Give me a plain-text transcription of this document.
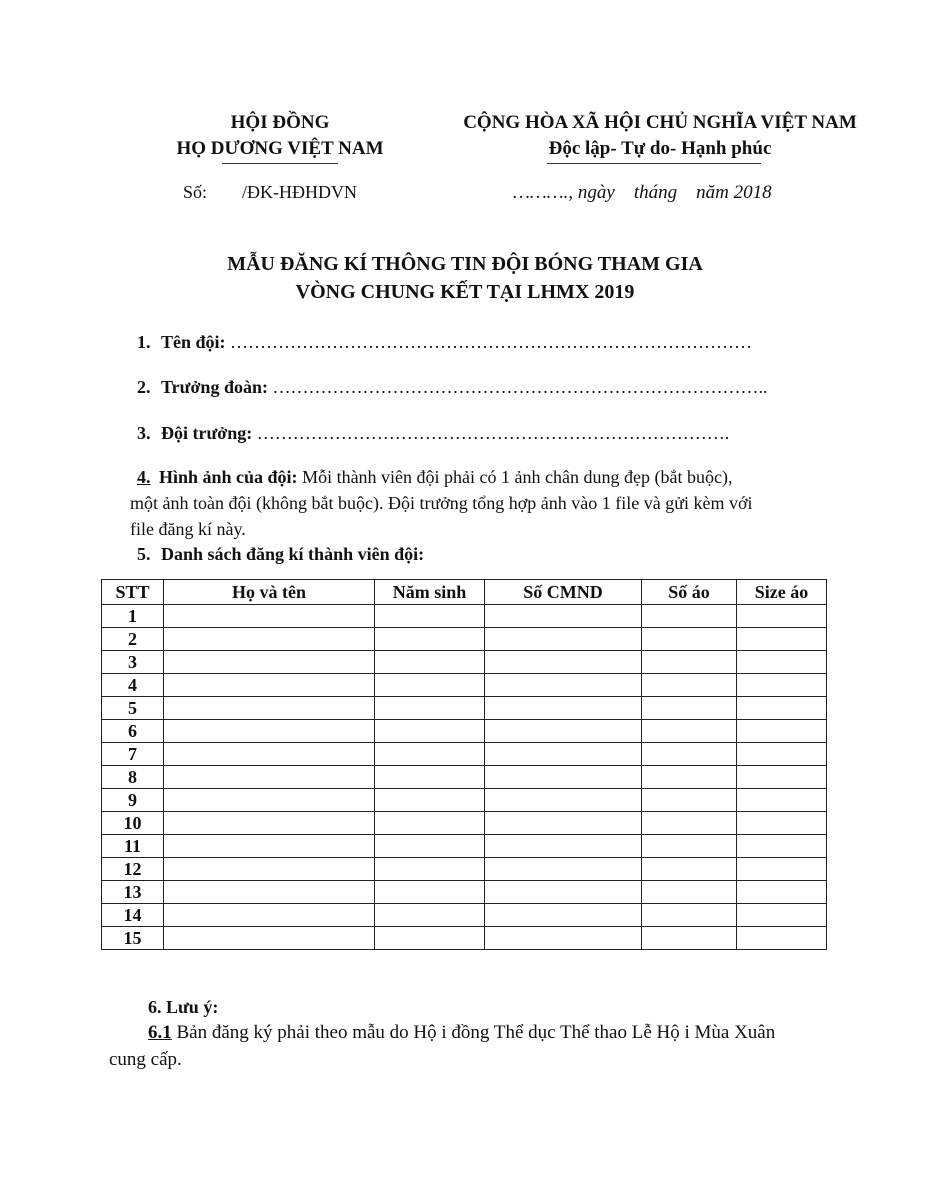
HỘI ĐỒNG
HỌ DƯƠNG VIỆT NAM
CỘNG HÒA XÃ HỘI CHỦ NGHĨA VIỆT NAM
Độc lập- Tự do- Hạnh phúc
Số: /ĐK-HĐHDVN	………., ngày    tháng    năm 2018
MẪU ĐĂNG KÍ THÔNG TIN ĐỘI BÓNG THAM GIA
VÒNG CHUNG KẾT TẠI LHMX 2019
1. Tên đội: ……………………………………………………………………………
2. Trưởng đoàn: ………………………………………………………………………..
3. Đội trưởng: …………………………………………………………………….
4. Hình ảnh của đội: Mỗi thành viên đội phải có 1 ảnh chân dung đẹp (bắt buộc),
một ảnh toàn đội (không bắt buộc). Đội trưởng tổng hợp ảnh vào 1 file và gửi kèm với
file đăng kí này.
5. Danh sách đăng kí thành viên đội:
STT	Họ và tên	Năm sinh	Số CMND	Số áo	Size áo
1					
2					
3					
4					
5					
6					
7					
8					
9					
10					
11					
12					
13					
14					
15					
6. Lưu ý:
6.1 Bản đăng ký phải theo mẫu do Hộ i đồng Thể dục Thể thao Lễ Hộ i Mùa Xuân
cung cấp.
